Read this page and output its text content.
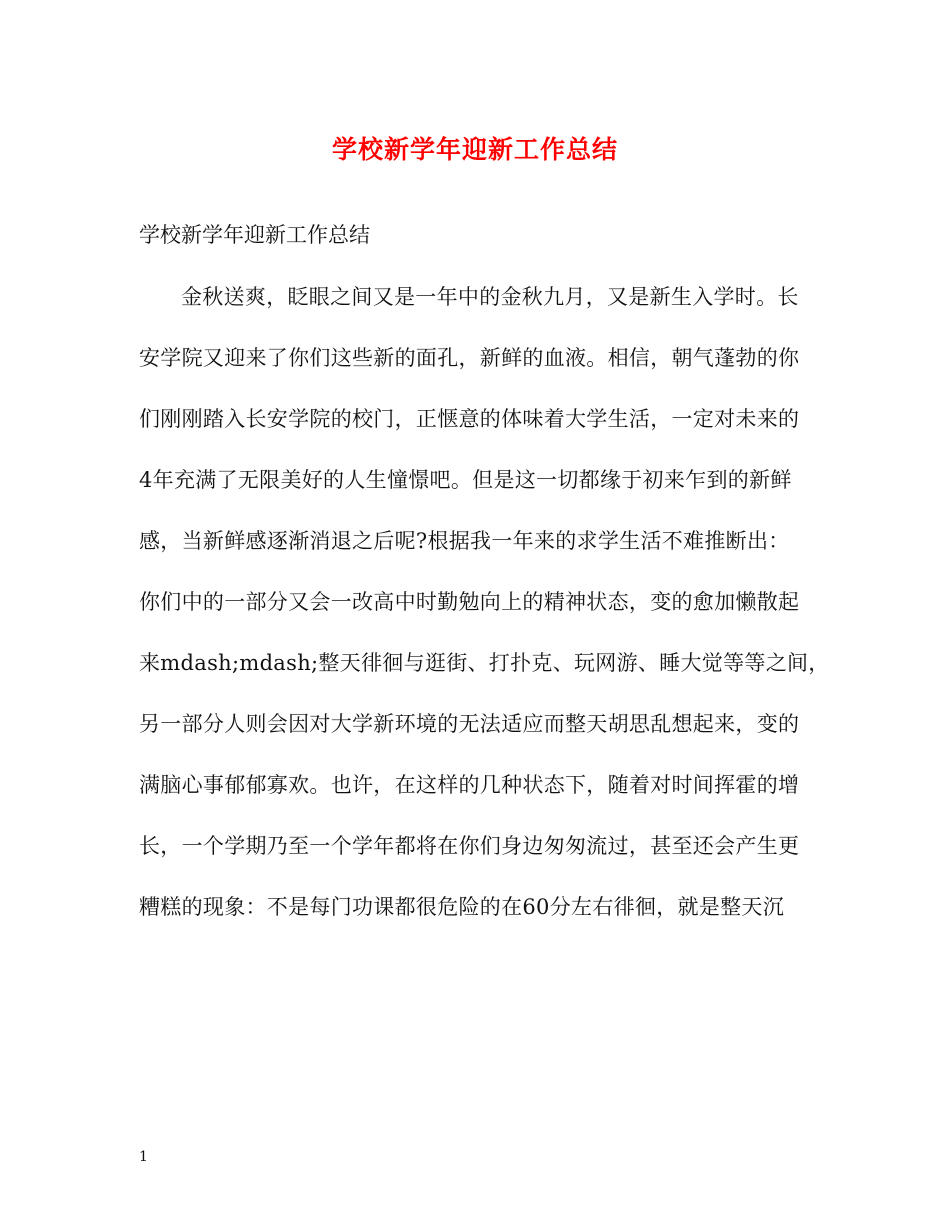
学校新学年迎新工作总结

学校新学年迎新工作总结

金秋送爽，眨眼之间又是一年中的金秋九月，又是新生入学时。长
安学院又迎来了你们这些新的面孔，新鲜的血液。相信，朝气蓬勃的你
们刚刚踏入长安学院的校门，正惬意的体味着大学生活，一定对未来的
4年充满了无限美好的人生憧憬吧。但是这一切都缘于初来乍到的新鲜
感，当新鲜感逐渐消退之后呢?根据我一年来的求学生活不难推断出：
你们中的一部分又会一改高中时勤勉向上的精神状态，变的愈加懒散起
来mdash;mdash;整天徘徊与逛街、打扑克、玩网游、睡大觉等等之间，
另一部分人则会因对大学新环境的无法适应而整天胡思乱想起来，变的
满脑心事郁郁寡欢。也许，在这样的几种状态下，随着对时间挥霍的增
长，一个学期乃至一个学年都将在你们身边匆匆流过，甚至还会产生更
糟糕的现象：不是每门功课都很危险的在60分左右徘徊，就是整天沉

1
